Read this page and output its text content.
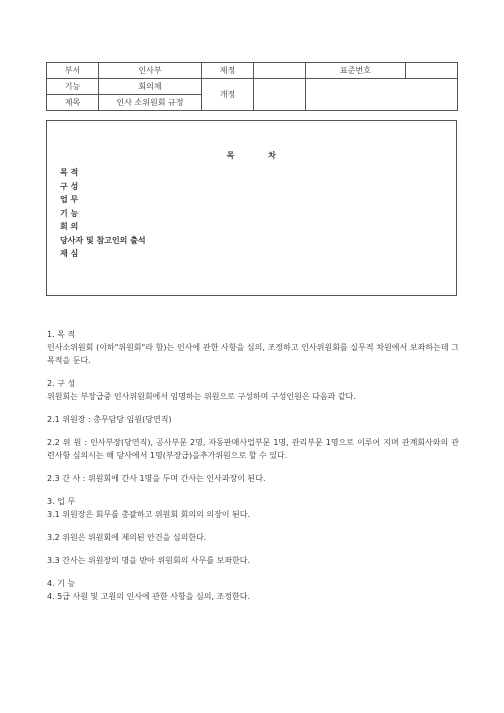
부서	인사부	제정		표준번호	
기능	회의체	개정			
제목	인사 소위원회 규정				
목 차
목 적
구 성
업 무
기 능
회 의
당사자 및 참고인의 출석
재 심

1. 목 적

인사소위원회 (이하"위원회"라 함)는 인사에 관한 사항을 심의, 조정하고 인사위원회를 실무적 차원에서 보좌하는데 그 목적을 둔다.

2. 구 성

위원회는 부장급중 인사위원회에서 임명하는 위원으로 구성하며 구성인원은 다음과 같다.

2.1 위원장 : 총무담당 임원(당연직)

2.2 위 원 : 인사부장(당연직), 공사부문 2명, 자동판매사업부문 1명, 관리부문 1명으로 이루어 지며 관계회사와의 관련사항 심의시는 해 당사에서 1명(부장급)을추가위원으로 할 수 있다.

2.3 간 사 : 위원회에 간사 1명을 두며 간사는 인사과장이 된다.

3. 업 무

3.1 위원장은 회무를 총괄하고 위원회 회의의 의장이 된다.

3.2 위원은 위원회에 제의된 안건을 심의한다.

3.3 간사는 위원장의 명을 받아 위원회의 사무를 보좌한다.

4. 기 능

4. 5급 사원 및 고원의 인사에 관한 사항을 심의, 조정한다.
